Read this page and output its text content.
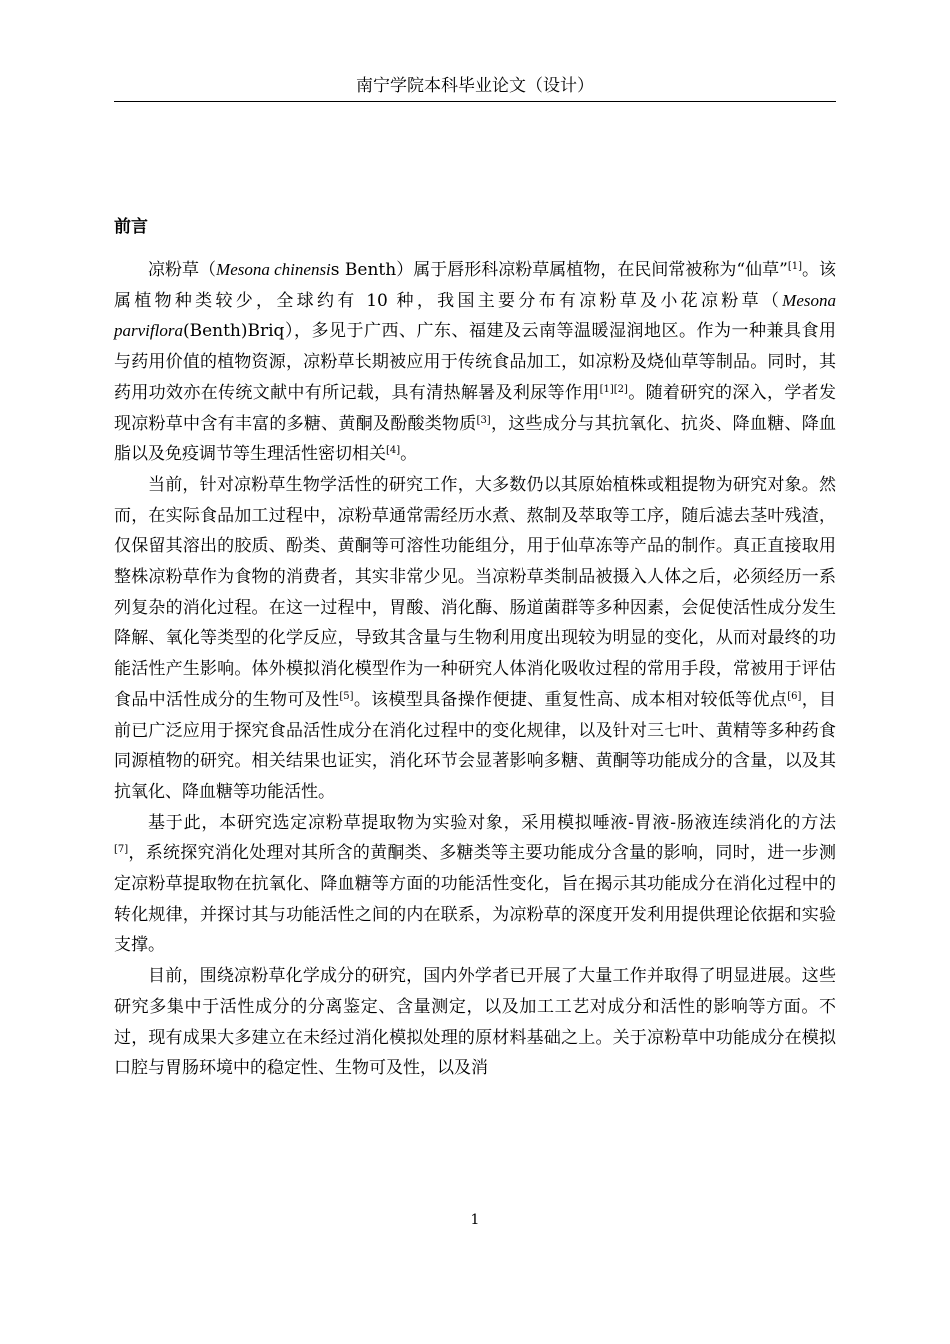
南宁学院本科毕业论文（设计）
前言

凉粉草（Mesona chinensis Benth）属于唇形科凉粉草属植物，在民间常被称为“仙草”[1]。该属植物种类较少，全球约有 10 种，我国主要分布有凉粉草及小花凉粉草（Mesona parviflora(Benth)Briq），多见于广西、广东、福建及云南等温暖湿润地区。作为一种兼具食用与药用价值的植物资源，凉粉草长期被应用于传统食品加工，如凉粉及烧仙草等制品。同时，其药用功效亦在传统文献中有所记载，具有清热解暑及利尿等作用[1][2]。随着研究的深入，学者发现凉粉草中含有丰富的多糖、黄酮及酚酸类物质[3]，这些成分与其抗氧化、抗炎、降血糖、降血脂以及免疫调节等生理活性密切相关[4]。

当前，针对凉粉草生物学活性的研究工作，大多数仍以其原始植株或粗提物为研究对象。然而，在实际食品加工过程中，凉粉草通常需经历水煮、熬制及萃取等工序，随后滤去茎叶残渣，仅保留其溶出的胶质、酚类、黄酮等可溶性功能组分，用于仙草冻等产品的制作。真正直接取用整株凉粉草作为食物的消费者，其实非常少见。当凉粉草类制品被摄入人体之后，必须经历一系列复杂的消化过程。在这一过程中，胃酸、消化酶、肠道菌群等多种因素，会促使活性成分发生降解、氧化等类型的化学反应，导致其含量与生物利用度出现较为明显的变化，从而对最终的功能活性产生影响。体外模拟消化模型作为一种研究人体消化吸收过程的常用手段，常被用于评估食品中活性成分的生物可及性[5]。该模型具备操作便捷、重复性高、成本相对较低等优点[6]，目前已广泛应用于探究食品活性成分在消化过程中的变化规律，以及针对三七叶、黄精等多种药食同源植物的研究。相关结果也证实，消化环节会显著影响多糖、黄酮等功能成分的含量，以及其抗氧化、降血糖等功能活性。

基于此，本研究选定凉粉草提取物为实验对象，采用模拟唾液-胃液-肠液连续消化的方法[7]，系统探究消化处理对其所含的黄酮类、多糖类等主要功能成分含量的影响，同时，进一步测定凉粉草提取物在抗氧化、降血糖等方面的功能活性变化，旨在揭示其功能成分在消化过程中的转化规律，并探讨其与功能活性之间的内在联系，为凉粉草的深度开发利用提供理论依据和实验支撑。

目前，围绕凉粉草化学成分的研究，国内外学者已开展了大量工作并取得了明显进展。这些研究多集中于活性成分的分离鉴定、含量测定，以及加工工艺对成分和活性的影响等方面。不过，现有成果大多建立在未经过消化模拟处理的原材料基础之上。关于凉粉草中功能成分在模拟口腔与胃肠环境中的稳定性、生物可及性，以及消

1
